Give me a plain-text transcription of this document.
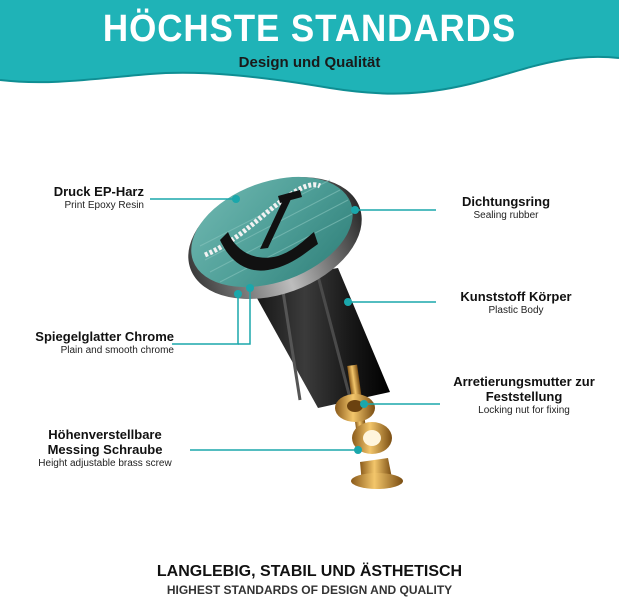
HÖCHSTE STANDARDS
Design und Qualität
Druck EP-Harz
Print Epoxy Resin
Spiegelglatter Chrome
Plain and smooth chrome
Höhenverstellbare
Messing Schraube
Height adjustable brass screw
Dichtungsring
Sealing rubber
Kunststoff Körper
Plastic Body
Arretierungsmutter zur
Feststellung
Locking nut for fixing
LANGLEBIG, STABIL UND ÄSTHETISCH
HIGHEST STANDARDS OF DESIGN AND QUALITY
